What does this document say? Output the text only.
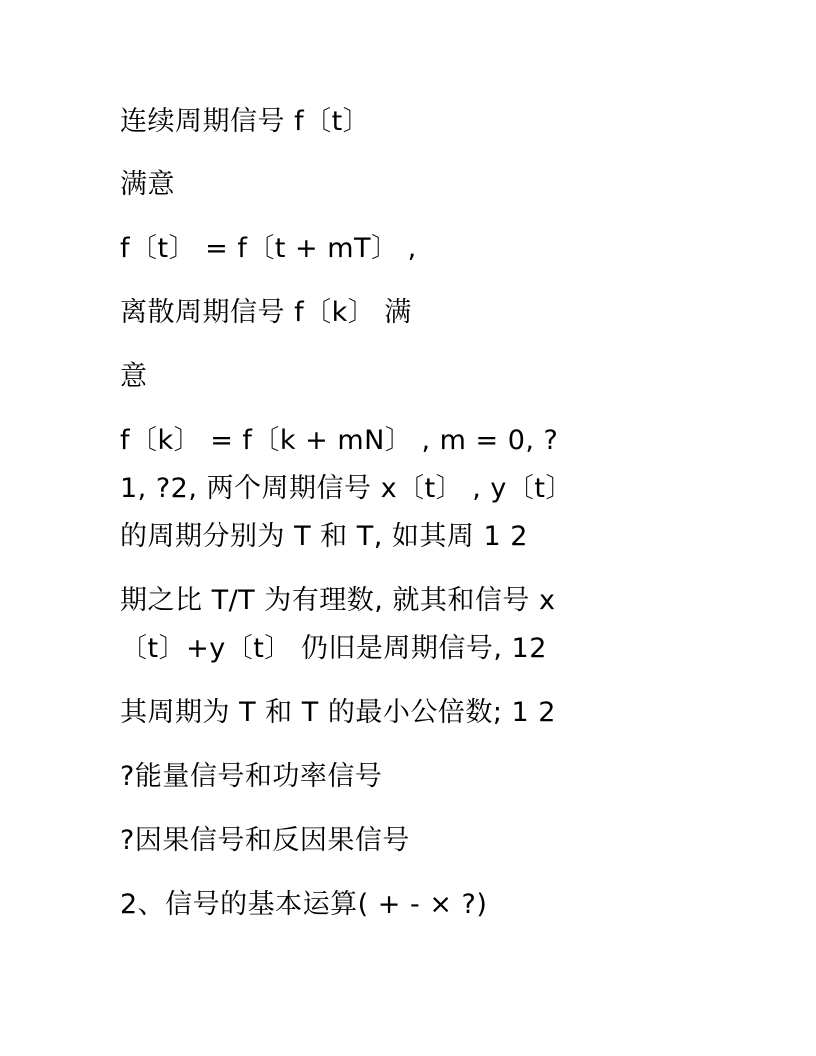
连续周期信号 f〔t〕
满意
f〔t〕 = f〔t + mT〕 ,
离散周期信号 f〔k〕 满
意
f〔k〕 = f〔k + mN〕 , m = 0, ?
1, ?2, 两个周期信号 x〔t〕 , y〔t〕
的周期分别为 T 和 T, 如其周 1 2
期之比 T/T 为有理数, 就其和信号 x
〔t〕+y〔t〕 仍旧是周期信号, 12
其周期为 T 和 T 的最小公倍数; 1 2
?能量信号和功率信号
?因果信号和反因果信号
2、信号的基本运算( + - × ?)
